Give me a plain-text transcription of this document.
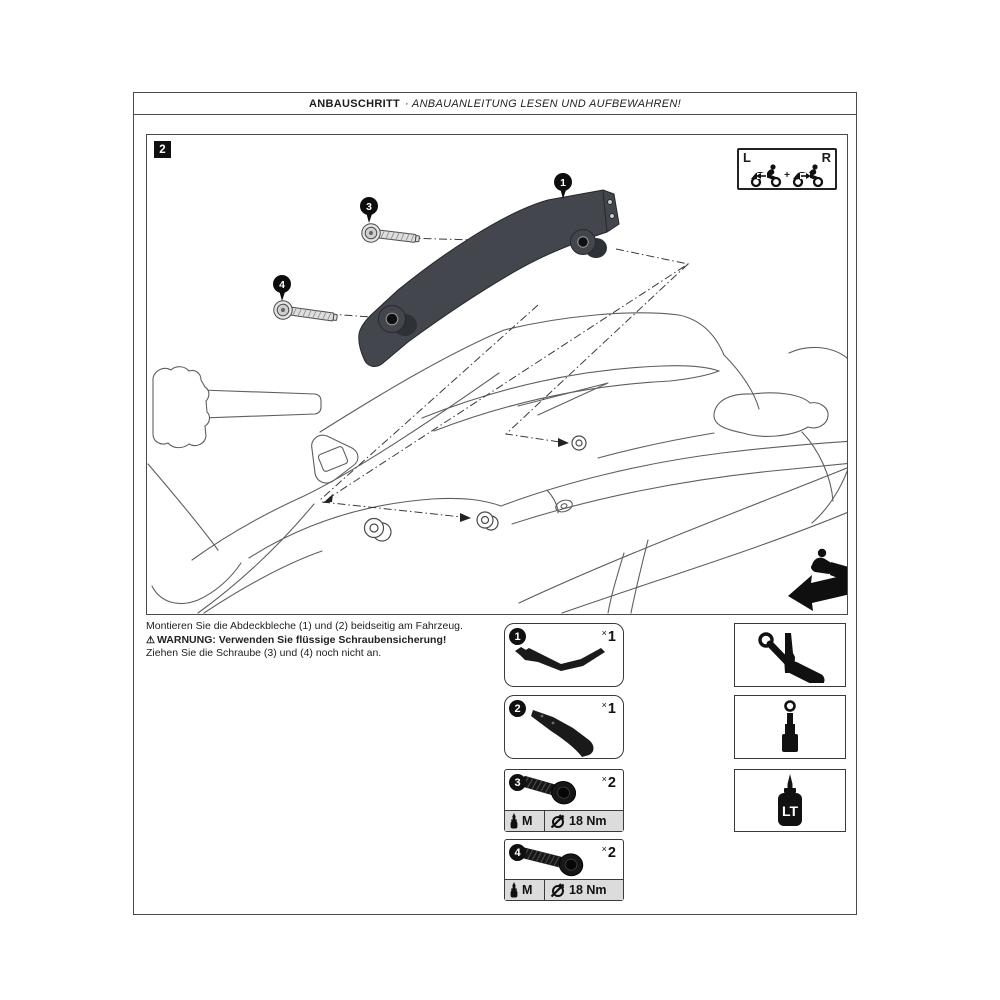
ANBAUSCHRITT · ANBAUANLEITUNG LESEN UND AUFBEWAHREN!
1
3
4
2
L	R
+
Montieren Sie die Abdeckbleche (1) und (2) beidseitig am Fahrzeug.
⚠ WARNUNG: Verwenden Sie flüssige Schraubensicherung!
Ziehen Sie die Schraube (3) und (4) noch nicht an.
1	×1
2	×1
3	×2
M	18 Nm
4	×2
M	18 Nm
LT
